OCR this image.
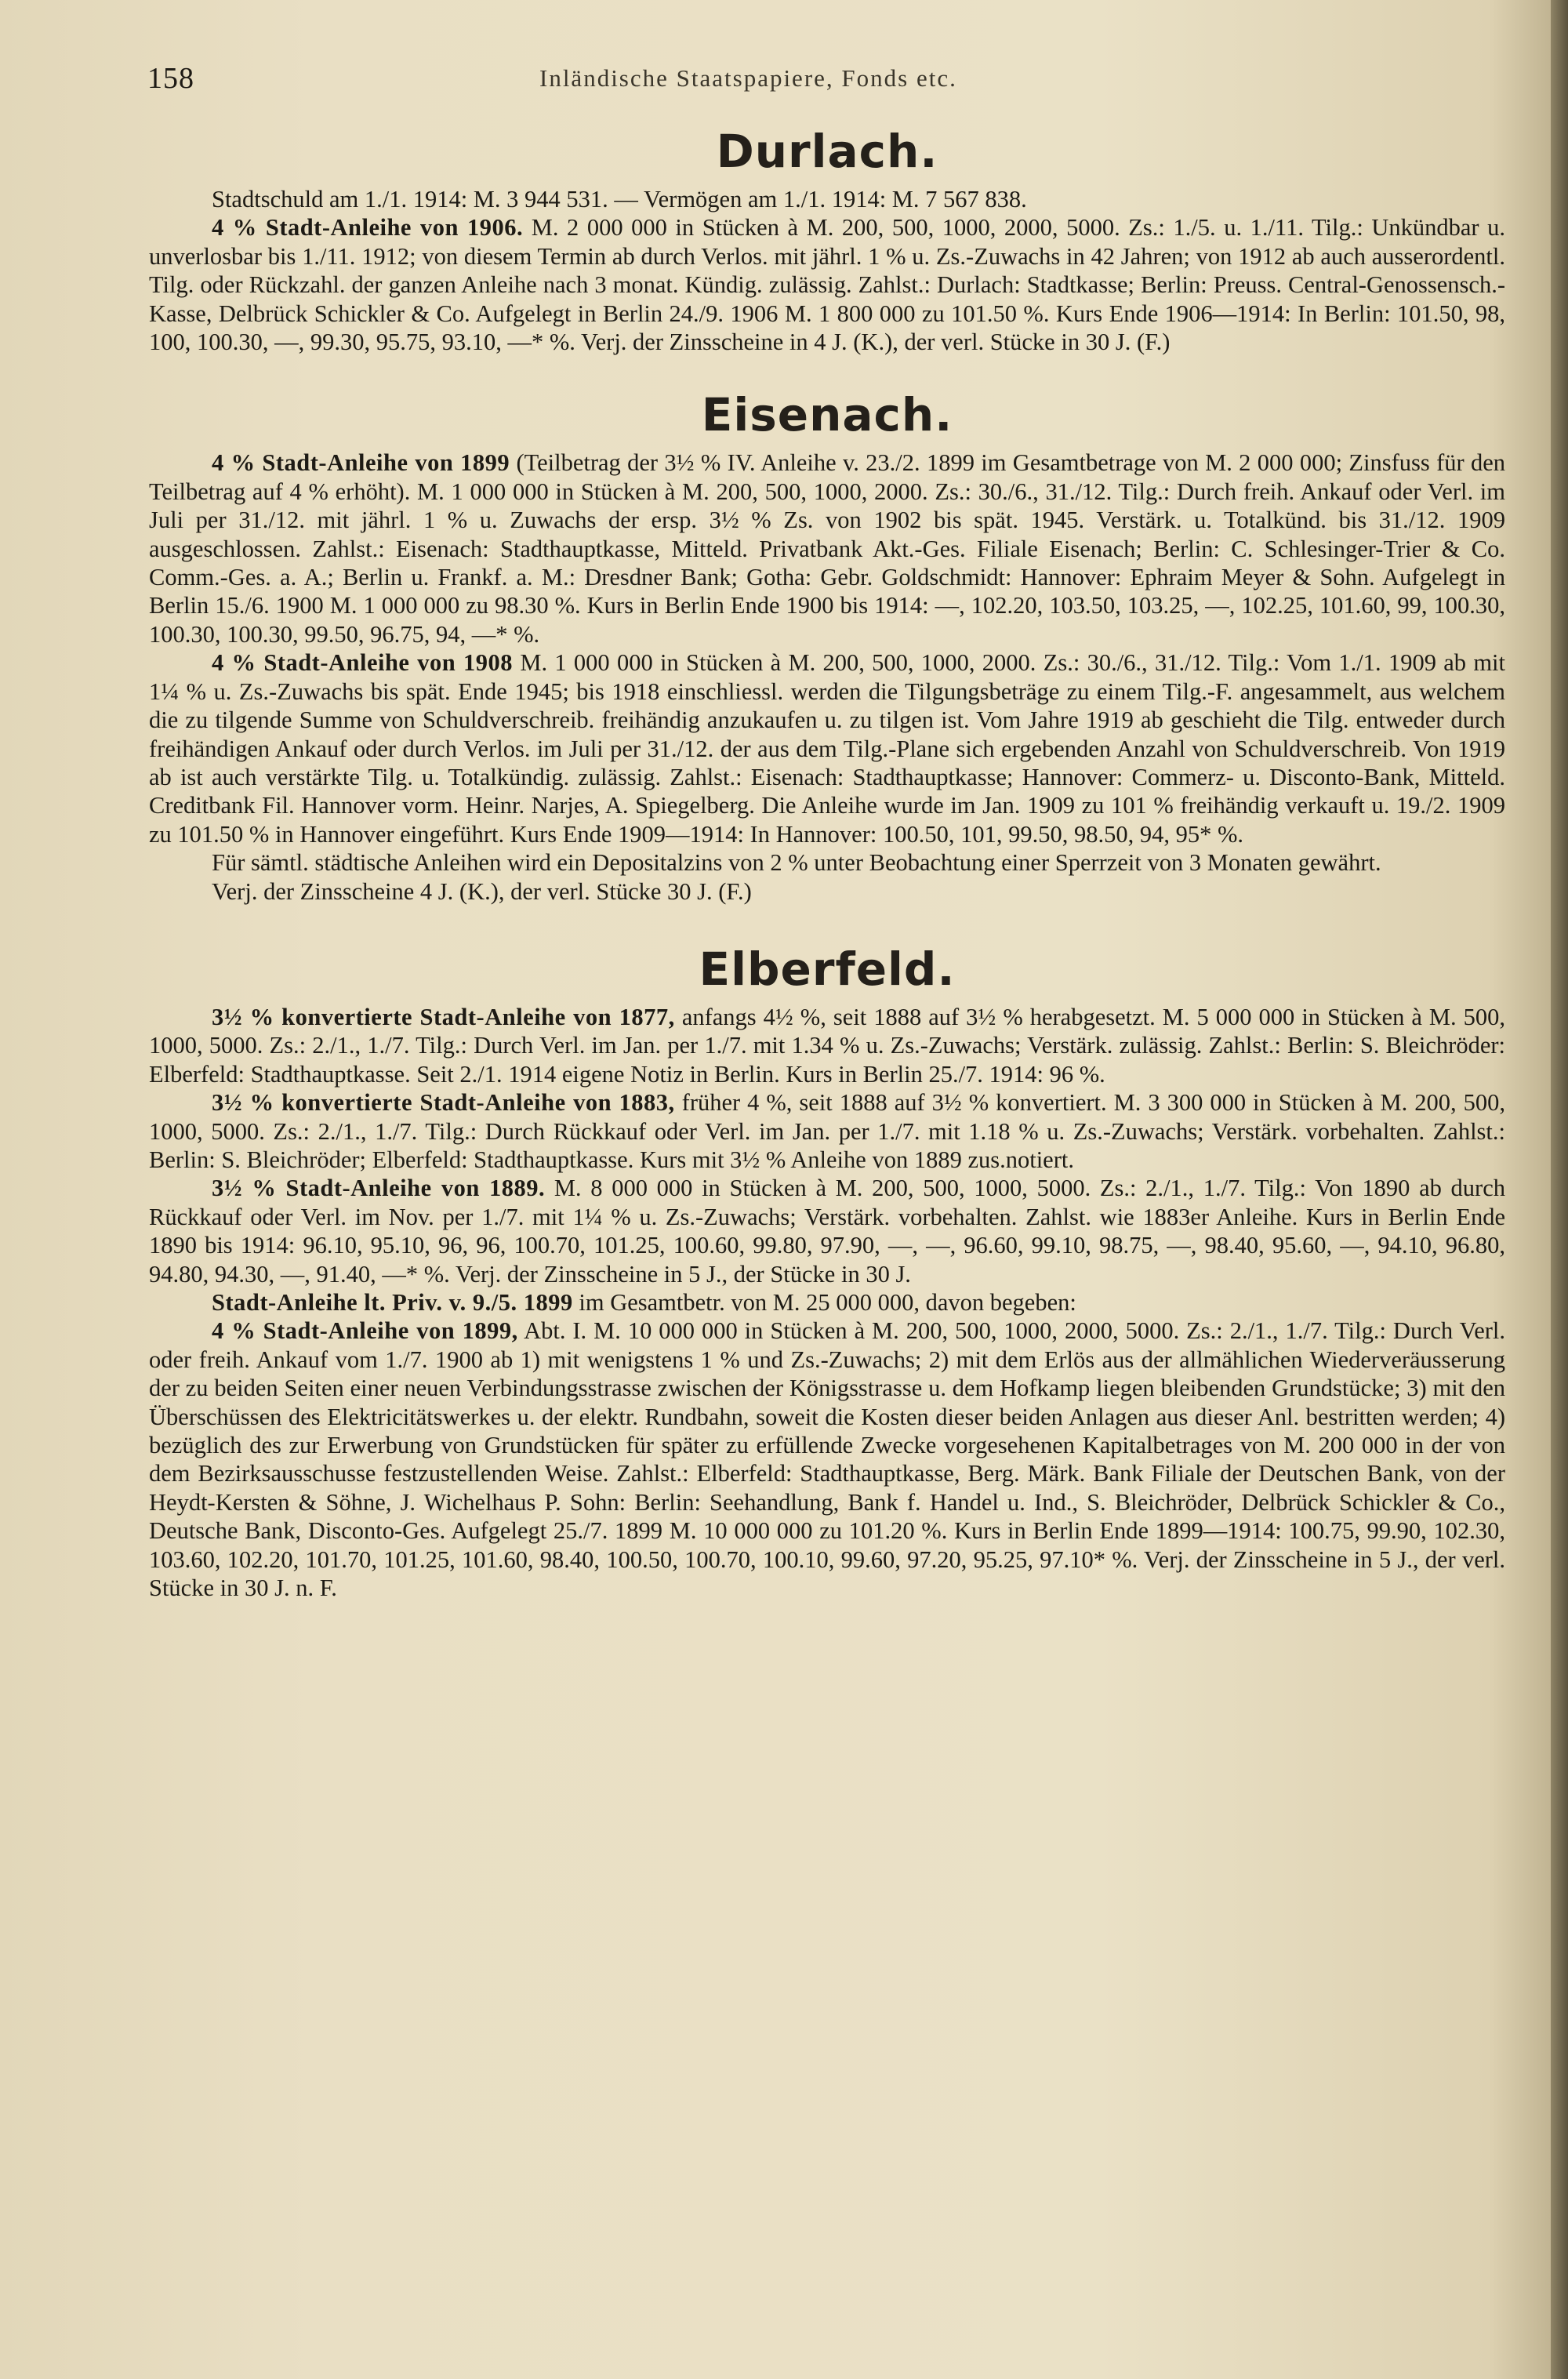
158	Inländische Staatspapiere, Fonds etc.
Durlach.

Stadtschuld am 1./1. 1914: M. 3 944 531. — Vermögen am 1./1. 1914: M. 7 567 838.

4 % Stadt-Anleihe von 1906. M. 2 000 000 in Stücken à M. 200, 500, 1000, 2000, 5000. Zs.: 1./5. u. 1./11. Tilg.: Unkündbar u. unverlosbar bis 1./11. 1912; von diesem Termin ab durch Verlos. mit jährl. 1 % u. Zs.-Zuwachs in 42 Jahren; von 1912 ab auch ausserordentl. Tilg. oder Rückzahl. der ganzen Anleihe nach 3 monat. Kündig. zulässig. Zahlst.: Durlach: Stadtkasse; Berlin: Preuss. Central-Genossensch.-Kasse, Delbrück Schickler & Co. Aufgelegt in Berlin 24./9. 1906 M. 1 800 000 zu 101.50 %. Kurs Ende 1906—1914: In Berlin: 101.50, 98, 100, 100.30, —, 99.30, 95.75, 93.10, —* %. Verj. der Zinsscheine in 4 J. (K.), der verl. Stücke in 30 J. (F.)

Eisenach.

4 % Stadt-Anleihe von 1899 (Teilbetrag der 3½ % IV. Anleihe v. 23./2. 1899 im Gesamtbetrage von M. 2 000 000; Zinsfuss für den Teilbetrag auf 4 % erhöht). M. 1 000 000 in Stücken à M. 200, 500, 1000, 2000. Zs.: 30./6., 31./12. Tilg.: Durch freih. Ankauf oder Verl. im Juli per 31./12. mit jährl. 1 % u. Zuwachs der ersp. 3½ % Zs. von 1902 bis spät. 1945. Verstärk. u. Totalkünd. bis 31./12. 1909 ausgeschlossen. Zahlst.: Eisenach: Stadthauptkasse, Mitteld. Privatbank Akt.-Ges. Filiale Eisenach; Berlin: C. Schlesinger-Trier & Co. Comm.-Ges. a. A.; Berlin u. Frankf. a. M.: Dresdner Bank; Gotha: Gebr. Goldschmidt: Hannover: Ephraim Meyer & Sohn. Aufgelegt in Berlin 15./6. 1900 M. 1 000 000 zu 98.30 %. Kurs in Berlin Ende 1900 bis 1914: —, 102.20, 103.50, 103.25, —, 102.25, 101.60, 99, 100.30, 100.30, 100.30, 99.50, 96.75, 94, —* %.

4 % Stadt-Anleihe von 1908 M. 1 000 000 in Stücken à M. 200, 500, 1000, 2000. Zs.: 30./6., 31./12. Tilg.: Vom 1./1. 1909 ab mit 1¼ % u. Zs.-Zuwachs bis spät. Ende 1945; bis 1918 einschliessl. werden die Tilgungsbeträge zu einem Tilg.-F. angesammelt, aus welchem die zu tilgende Summe von Schuldverschreib. freihändig anzukaufen u. zu tilgen ist. Vom Jahre 1919 ab geschieht die Tilg. entweder durch freihändigen Ankauf oder durch Verlos. im Juli per 31./12. der aus dem Tilg.-Plane sich ergebenden Anzahl von Schuldverschreib. Von 1919 ab ist auch verstärkte Tilg. u. Totalkündig. zulässig. Zahlst.: Eisenach: Stadthauptkasse; Hannover: Commerz- u. Disconto-Bank, Mitteld. Creditbank Fil. Hannover vorm. Heinr. Narjes, A. Spiegelberg. Die Anleihe wurde im Jan. 1909 zu 101 % freihändig verkauft u. 19./2. 1909 zu 101.50 % in Hannover eingeführt. Kurs Ende 1909—1914: In Hannover: 100.50, 101, 99.50, 98.50, 94, 95* %.

Für sämtl. städtische Anleihen wird ein Depositalzins von 2 % unter Beobachtung einer Sperrzeit von 3 Monaten gewährt.

Verj. der Zinsscheine 4 J. (K.), der verl. Stücke 30 J. (F.)

Elberfeld.

3½ % konvertierte Stadt-Anleihe von 1877, anfangs 4½ %, seit 1888 auf 3½ % herabgesetzt. M. 5 000 000 in Stücken à M. 500, 1000, 5000. Zs.: 2./1., 1./7. Tilg.: Durch Verl. im Jan. per 1./7. mit 1.34 % u. Zs.-Zuwachs; Verstärk. zulässig. Zahlst.: Berlin: S. Bleichröder: Elberfeld: Stadthauptkasse. Seit 2./1. 1914 eigene Notiz in Berlin. Kurs in Berlin 25./7. 1914: 96 %.

3½ % konvertierte Stadt-Anleihe von 1883, früher 4 %, seit 1888 auf 3½ % konvertiert. M. 3 300 000 in Stücken à M. 200, 500, 1000, 5000. Zs.: 2./1., 1./7. Tilg.: Durch Rückkauf oder Verl. im Jan. per 1./7. mit 1.18 % u. Zs.-Zuwachs; Verstärk. vorbehalten. Zahlst.: Berlin: S. Bleichröder; Elberfeld: Stadthauptkasse. Kurs mit 3½ % Anleihe von 1889 zus.notiert.

3½ % Stadt-Anleihe von 1889. M. 8 000 000 in Stücken à M. 200, 500, 1000, 5000. Zs.: 2./1., 1./7. Tilg.: Von 1890 ab durch Rückkauf oder Verl. im Nov. per 1./7. mit 1¼ % u. Zs.-Zuwachs; Verstärk. vorbehalten. Zahlst. wie 1883er Anleihe. Kurs in Berlin Ende 1890 bis 1914: 96.10, 95.10, 96, 96, 100.70, 101.25, 100.60, 99.80, 97.90, —, —, 96.60, 99.10, 98.75, —, 98.40, 95.60, —, 94.10, 96.80, 94.80, 94.30, —, 91.40, —* %. Verj. der Zinsscheine in 5 J., der Stücke in 30 J.

Stadt-Anleihe lt. Priv. v. 9./5. 1899 im Gesamtbetr. von M. 25 000 000, davon begeben:

4 % Stadt-Anleihe von 1899, Abt. I. M. 10 000 000 in Stücken à M. 200, 500, 1000, 2000, 5000. Zs.: 2./1., 1./7. Tilg.: Durch Verl. oder freih. Ankauf vom 1./7. 1900 ab 1) mit wenigstens 1 % und Zs.-Zuwachs; 2) mit dem Erlös aus der allmählichen Wiederveräusserung der zu beiden Seiten einer neuen Verbindungsstrasse zwischen der Königsstrasse u. dem Hofkamp liegen bleibenden Grundstücke; 3) mit den Überschüssen des Elektricitätswerkes u. der elektr. Rundbahn, soweit die Kosten dieser beiden Anlagen aus dieser Anl. bestritten werden; 4) bezüglich des zur Erwerbung von Grundstücken für später zu erfüllende Zwecke vorgesehenen Kapitalbetrages von M. 200 000 in der von dem Bezirksausschusse festzustellenden Weise. Zahlst.: Elberfeld: Stadthauptkasse, Berg. Märk. Bank Filiale der Deutschen Bank, von der Heydt-Kersten & Söhne, J. Wichelhaus P. Sohn: Berlin: Seehandlung, Bank f. Handel u. Ind., S. Bleichröder, Delbrück Schickler & Co., Deutsche Bank, Disconto-Ges. Aufgelegt 25./7. 1899 M. 10 000 000 zu 101.20 %. Kurs in Berlin Ende 1899—1914: 100.75, 99.90, 102.30, 103.60, 102.20, 101.70, 101.25, 101.60, 98.40, 100.50, 100.70, 100.10, 99.60, 97.20, 95.25, 97.10* %. Verj. der Zinsscheine in 5 J., der verl. Stücke in 30 J. n. F.
